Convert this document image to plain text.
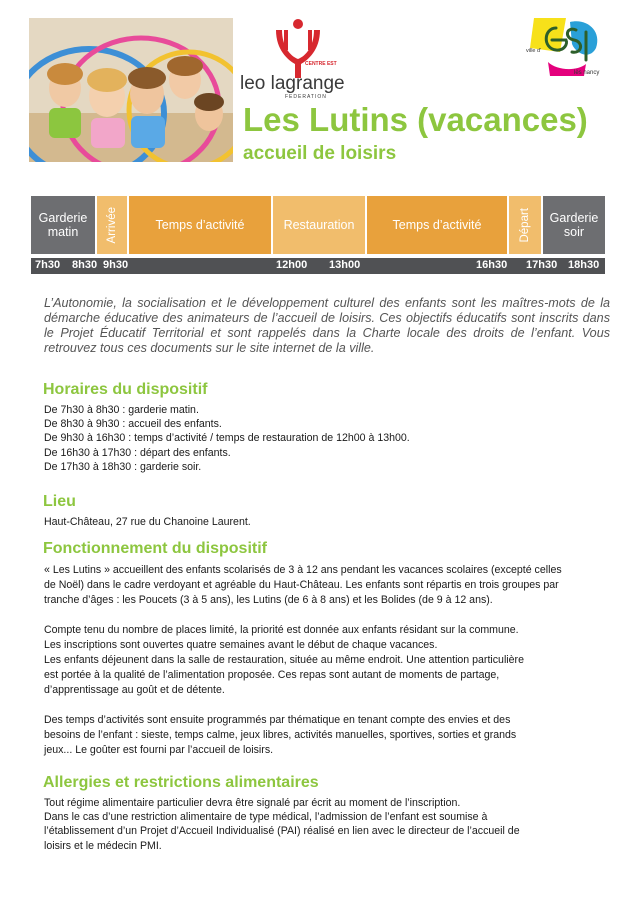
CENTRE EST
leo lagrange
FEDERATION
ville d'
lès nancy
Les Lutins (vacances)
accueil de loisirs
Garderie matin	Arrivée	Temps d’activité	Restauration	Temps d’activité	Départ	Garderie soir
7h30 8h30 9h30	12h00 13h00	16h30 17h30 18h30
L’Autonomie, la socialisation et le développement culturel des enfants sont les maîtres-mots de la démarche éducative des animateurs de l’accueil de loisirs. Ces objectifs éducatifs sont inscrits dans le Projet Éducatif Territorial et sont rappelés dans la Charte locale des droits de l’enfant. Vous retrouvez tous ces documents sur le site internet de la ville.
Horaires du dispositif
De 7h30 à 8h30 : garderie matin.
De 8h30 à 9h30 : accueil des enfants.
De 9h30 à 16h30 : temps d’activité / temps de restauration de 12h00 à 13h00.
De 16h30 à 17h30 : départ des enfants.
De 17h30 à 18h30 : garderie soir.
Lieu
Haut-Château, 27 rue du Chanoine Laurent.
Fonctionnement du dispositif
« Les Lutins » accueillent des enfants scolarisés de 3 à 12 ans pendant les vacances scolaires (excepté celles
de Noël) dans le cadre verdoyant et agréable du Haut-Château. Les enfants sont répartis en trois groupes par
tranche d’âges : les Poucets (3 à 5 ans), les Lutins (de 6 à 8 ans) et les Bolides (de 9 à 12 ans).

Compte tenu du nombre de places limité, la priorité est donnée aux enfants résidant sur la commune.
Les inscriptions sont ouvertes quatre semaines avant le début de chaque vacances.
Les enfants déjeunent dans la salle de restauration, située au même endroit. Une attention particulière
est portée à la qualité de l’alimentation proposée. Ces repas sont autant de moments de partage,
d’apprentissage au goût et de détente.

Des temps d’activités sont ensuite programmés par thématique en tenant compte des envies et des
besoins de l’enfant : sieste, temps calme, jeux libres, activités manuelles, sportives, sorties et grands
jeux... Le goûter est fourni par l’accueil de loisirs.
Allergies et restrictions alimentaires
Tout régime alimentaire particulier devra être signalé par écrit au moment de l’inscription.
Dans le cas d’une restriction alimentaire de type médical, l’admission de l’enfant est soumise à
l’établissement d’un Projet d’Accueil Individualisé (PAI) réalisé en lien avec le directeur de l’accueil de
loisirs et le médecin PMI.
